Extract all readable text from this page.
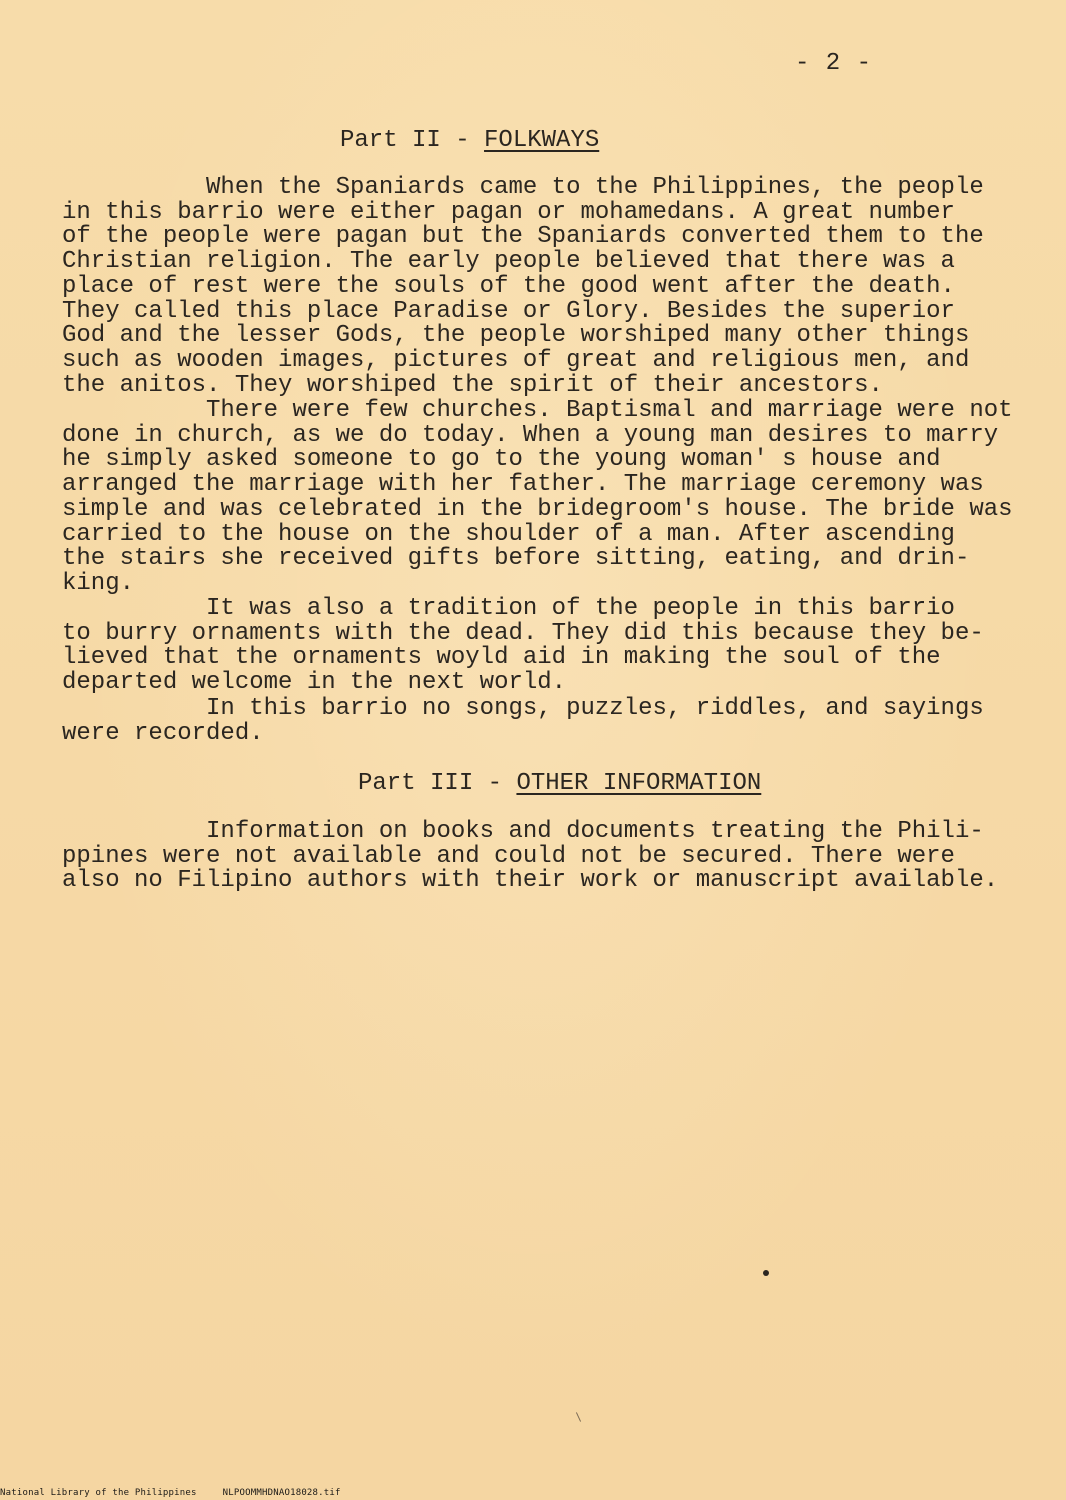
- 2 -
Part II - FOLKWAYS

When the Spaniards came to the Philippines, the people
in this barrio were either pagan or mohamedans. A great number
of the people were pagan but the Spaniards converted them to the
Christian religion. The early people believed that there was a
place of rest were the souls of the good went after the death.
They called this place Paradise or Glory. Besides the superior
God and the lesser Gods, the people worshiped many other things
such as wooden images, pictures of great and religious men, and
the anitos. They worshiped the spirit of their ancestors.

There were few churches. Baptismal and marriage were not
done in church, as we do today. When a young man desires to marry
he simply asked someone to go to the young woman' s house and
arranged the marriage with her father. The marriage ceremony was
simple and was celebrated in the bridegroom's house. The bride was
carried to the house on the shoulder of a man. After ascending
the stairs she received gifts before sitting, eating, and drin-
king.

It was also a tradition of the people in this barrio
to burry ornaments with the dead. They did this because they be-
lieved that the ornaments woyld aid in making the soul of the
departed welcome in the next world.

In this barrio no songs, puzzles, riddles, and sayings
were recorded.

Part III - OTHER INFORMATION

Information on books and documents treating the Phili-
ppines were not available and could not be secured. There were
also no Filipino authors with their work or manuscript available.

National Library of the Philippines	NLPOOMMHDNAO18028.tif
